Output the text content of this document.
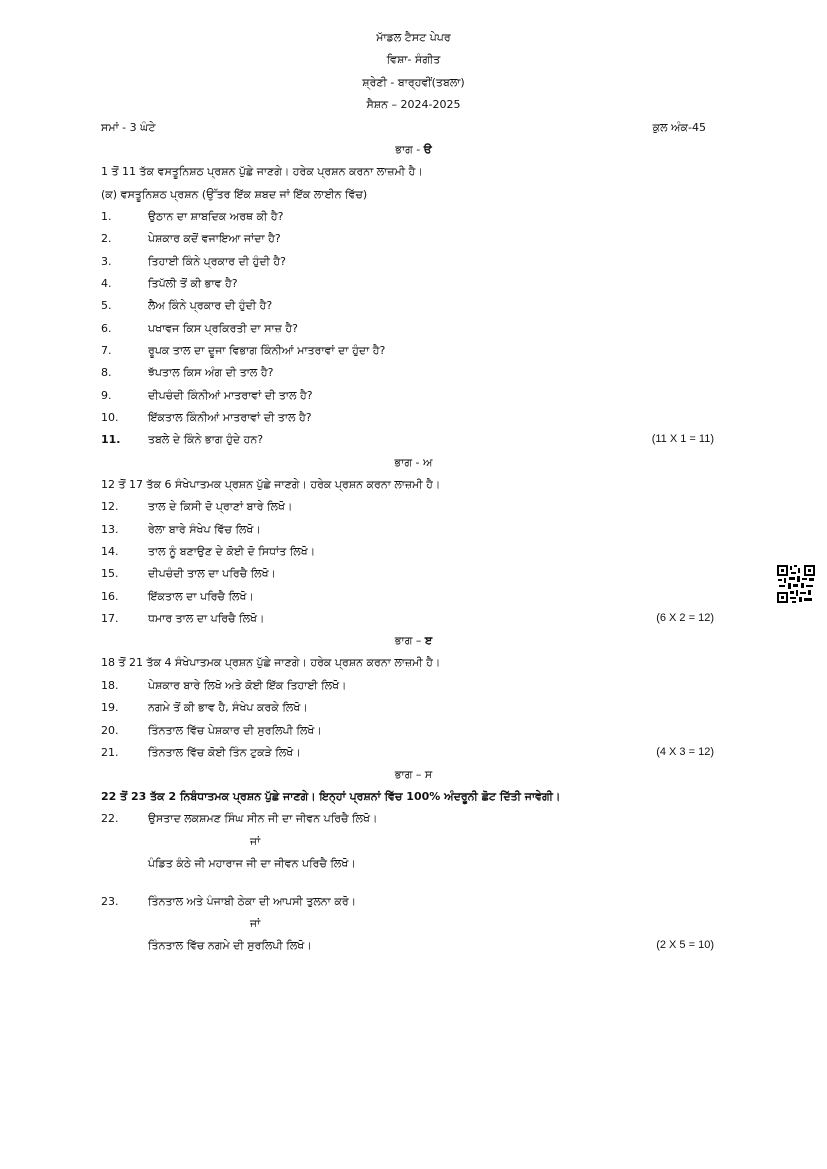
ਮਾੱਡਲ ਟੈਸਟ ਪੇਪਰ
ਵਿਸ਼ਾ- ਸੰਗੀਤ
ਸ਼੍ਰੇਣੀ - ਬਾਰ੍ਹਵੀਂ(ਤਬਲਾ)
ਸੈਸ਼ਨ – 2024-2025
ਸਮਾਂ - 3 ਘੰਟੇ	ਕੁਲ ਅੰਕ-45
ਭਾਗ - ੳ
1 ਤੋਂ 11 ਤੱਕ ਵਸਤੂਨਿਸ਼ਠ ਪ੍ਰਸ਼ਨ ਪੁੱਛੇ ਜਾਣਗੇ। ਹਰੇਕ ਪ੍ਰਸ਼ਨ ਕਰਨਾ ਲਾਜ਼ਮੀ ਹੈ।
(ਕ) ਵਸਤੂਨਿਸ਼ਠ ਪ੍ਰਸ਼ਨ (ਉੱਤਰ ਇੱਕ ਸ਼ਬਦ ਜਾਂ ਇੱਕ ਲਾਈਨ ਵਿੱਚ)
1.	ਉਠਾਨ ਦਾ ਸ਼ਾਬਦਿਕ ਅਰਥ ਕੀ ਹੈ?
2.	ਪੇਸ਼ਕਾਰ ਕਦੋਂ ਵਜਾਇਆ ਜਾਂਦਾ ਹੈ?
3.	ਤਿਹਾਈ ਕਿੰਨੇ ਪ੍ਰਕਾਰ ਦੀ ਹੁੰਦੀ ਹੈ?
4.	ਤਿਪੱਲੀ ਤੋਂ ਕੀ ਭਾਵ ਹੈ?
5.	ਲੈਅ ਕਿੰਨੇ ਪ੍ਰਕਾਰ ਦੀ ਹੁੰਦੀ ਹੈ?
6.	ਪਖਾਵਜ ਕਿਸ ਪ੍ਰਕਿਰਤੀ ਦਾ ਸਾਜ਼ ਹੈ?
7.	ਰੂਪਕ ਤਾਲ ਦਾ ਦੂਜਾ ਵਿਭਾਗ ਕਿੰਨੀਆਂ ਮਾਤਰਾਵਾਂ ਦਾ ਹੁੰਦਾ ਹੈ?
8.	ਝੱਪਤਾਲ ਕਿਸ ਅੰਗ ਦੀ ਤਾਲ ਹੈ?
9.	ਦੀਪਚੰਦੀ ਕਿੰਨੀਆਂ ਮਾਤਰਾਵਾਂ ਦੀ ਤਾਲ ਹੈ?
10.	ਇੱਕਤਾਲ ਕਿੰਨੀਆਂ ਮਾਤਰਾਵਾਂ ਦੀ ਤਾਲ ਹੈ?
11.	ਤਬਲੇ ਦੇ ਕਿੰਨੇ ਭਾਗ ਹੁੰਦੇ ਹਨ?	(11 X 1 = 11)
ਭਾਗ - ਅ
12 ਤੋਂ 17 ਤੱਕ 6 ਸੰਖੇਪਾਤਮਕ ਪ੍ਰਸ਼ਨ ਪੁੱਛੇ ਜਾਣਗੇ। ਹਰੇਕ ਪ੍ਰਸ਼ਨ ਕਰਨਾ ਲਾਜ਼ਮੀ ਹੈ।
12.	ਤਾਲ ਦੇ ਕਿਸੀ ਦੋ ਪ੍ਰਾਣਾਂ ਬਾਰੇ ਲਿਖੋ।
13.	ਰੇਲਾ ਬਾਰੇ ਸੰਖੇਪ ਵਿੱਚ ਲਿਖੋ।
14.	ਤਾਲ ਨੂੰ ਬਣਾਉਣ ਦੇ ਕੋਈ ਦੋ ਸਿਧਾਂਤ ਲਿਖੋ।
15.	ਦੀਪਚੰਦੀ ਤਾਲ ਦਾ ਪਰਿਚੈ ਲਿਖੋ।
16.	ਇੱਕਤਾਲ ਦਾ ਪਰਿਚੈ ਲਿਖੋ।
17.	ਧਮਾਰ ਤਾਲ ਦਾ ਪਰਿਚੈ ਲਿਖੋ।	(6 X 2 = 12)
ਭਾਗ – ੲ
18 ਤੋਂ 21 ਤੱਕ 4 ਸੰਖੇਪਾਤਮਕ ਪ੍ਰਸ਼ਨ ਪੁੱਛੇ ਜਾਣਗੇ। ਹਰੇਕ ਪ੍ਰਸ਼ਨ ਕਰਨਾ ਲਾਜ਼ਮੀ ਹੈ।
18.	ਪੇਸ਼ਕਾਰ ਬਾਰੇ ਲਿਖੋ ਅਤੇ ਕੋਈ ਇੱਕ ਤਿਹਾਈ ਲਿਖੋ।
19.	ਨਗਮੇ ਤੋਂ ਕੀ ਭਾਵ ਹੈ, ਸੰਖੇਪ ਕਰਕੇ ਲਿਖੋ।
20.	ਤਿੰਨਤਾਲ ਵਿੱਚ ਪੇਸ਼ਕਾਰ ਦੀ ਸੁਰਲਿਪੀ ਲਿਖੋ।
21.	ਤਿੰਨਤਾਲ ਵਿੱਚ ਕੋਈ ਤਿੰਨ ਟੁਕੜੇ ਲਿਖੋ।	(4 X 3 = 12)
ਭਾਗ – ਸ
22 ਤੋਂ 23 ਤੱਕ 2 ਨਿਬੰਧਾਤਮਕ ਪ੍ਰਸ਼ਨ ਪੁੱਛੇ ਜਾਣਗੇ। ਇਨ੍ਹਾਂ ਪ੍ਰਸ਼ਨਾਂ ਵਿੱਚ 100% ਅੰਦਰੂਨੀ ਛੋਟ ਦਿੱਤੀ ਜਾਵੇਗੀ।
22.	ਉਸਤਾਦ ਲਕਸ਼ਮਣ ਸਿੰਘ ਸੀਨ ਜੀ ਦਾ ਜੀਵਨ ਪਰਿਚੈ ਲਿਖੋ।
ਜਾਂ
ਪੰਡਿਤ ਕੰਠੇ ਜੀ ਮਹਾਰਾਜ ਜੀ ਦਾ ਜੀਵਨ ਪਰਿਚੈ ਲਿਖੋ।
23.	ਤਿੰਨਤਾਲ ਅਤੇ ਪੰਜਾਬੀ ਠੇਕਾ ਦੀ ਆਪਸੀ ਤੁਲਨਾ ਕਰੋ।
ਜਾਂ
ਤਿੰਨਤਾਲ ਵਿੱਚ ਨਗਮੇ ਦੀ ਸੁਰਲਿਪੀ ਲਿਖੋ।	(2 X 5 = 10)
